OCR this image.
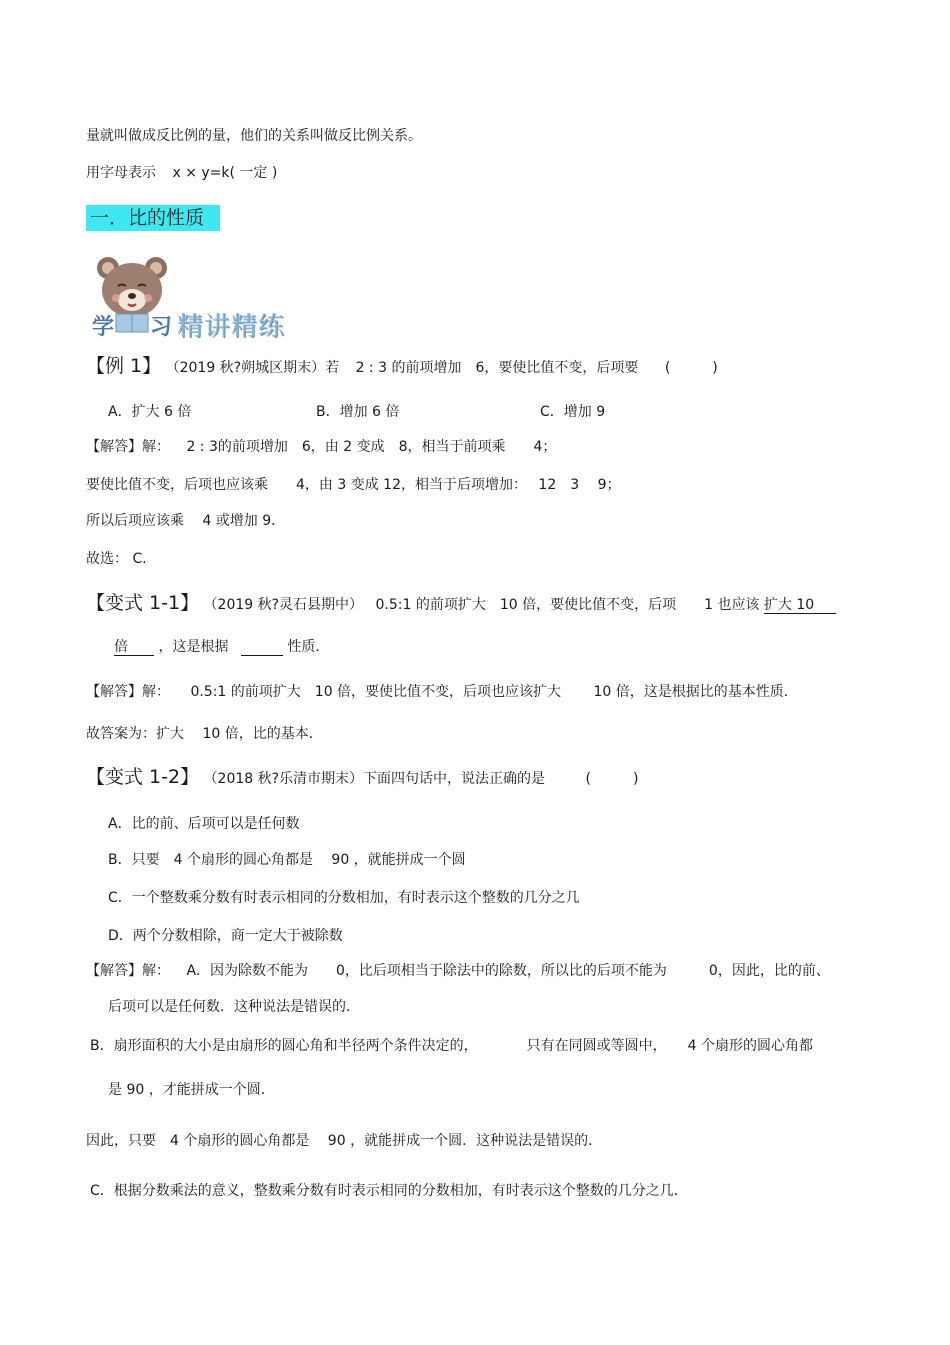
量就叫做成反比例的量，他们的关系叫做反比例关系。
用字母表示 x × y=k( 一定 )
一．比的性质
学 习 精讲精练
【例 1】 （2019 秋?朔城区期末）若 2 : 3 的前项增加　6，要使比值不变，后项要 (　　　)
A．扩大 6 倍	B．增加 6 倍	C．增加 9
【解答】解： 2 : 3的前项增加　6，由 2 变成　8，相当于前项乘　　4；
要使比值不变，后项也应该乘　　4，由 3 变成 12，相当于后项增加：　 12　3　 9；
所以后项应该乘　 4 或增加 9．
故选： C．
【变式 1-1】 （2019 秋?灵石县期中） 0.5:1 的前项扩大　10 倍，要使比值不变，后项　　1 也应该 扩大 10
倍 ，这是根据 　　　	性质．
【解答】解： 0.5:1 的前项扩大　10 倍，要使比值不变，后项也应该扩大　　 10 倍，这是根据比的基本性质．
故答案为：扩大　 10 倍，比的基本．
【变式 1-2】 （2018 秋?乐清市期末）下面四句话中，说法正确的是	(　　　)
A．比的前、后项可以是任何数
B．只要　4 个扇形的圆心角都是　 90 ，就能拼成一个圆
C．一个整数乘分数有时表示相同的分数相加，有时表示这个整数的几分之几
D．两个分数相除，商一定大于被除数
【解答】解： A．因为除数不能为　　0，比后项相当于除法中的除数，所以比的后项不能为　　　0，因此，比的前、
后项可以是任何数．这种说法是错误的．
B．扇形面积的大小是由扇形的圆心角和半径两个条件决定的，　　　　只有在同圆或等圆中，　　4 个扇形的圆心角都
是 90 ，才能拼成一个圆．
因此，只要　4 个扇形的圆心角都是　 90 ，就能拼成一个圆．这种说法是错误的．
C．根据分数乘法的意义，整数乘分数有时表示相同的分数相加，有时表示这个整数的几分之几．
